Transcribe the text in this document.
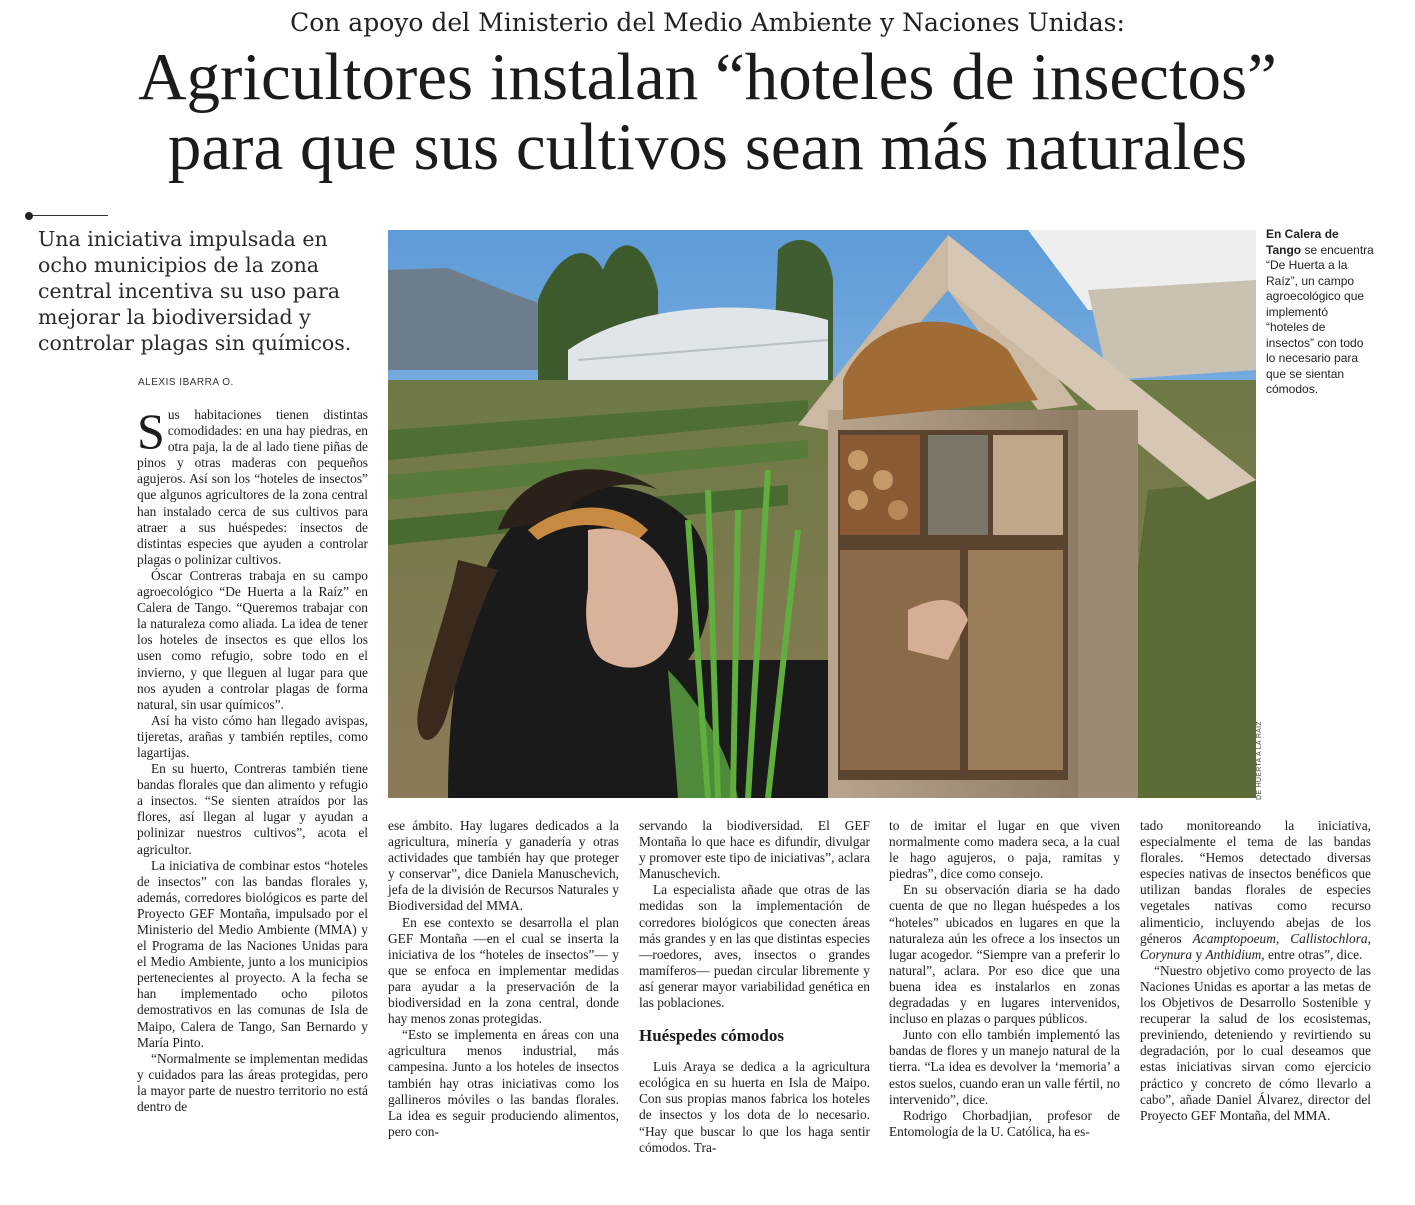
Con apoyo del Ministerio del Medio Ambiente y Naciones Unidas:
Agricultores instalan “hoteles de insectos”
para que sus cultivos sean más naturales
Una iniciativa impulsada en ocho municipios de la zona central incentiva su uso para mejorar la biodiversidad y controlar plagas sin químicos.
ALEXIS IBARRA O.
DE HUERTA A LA RAÍZ
En Calera de Tango se encuentra “De Huerta a la Raíz”, un campo agroecológico que implementó “hoteles de insectos” con todo lo necesario para que se sientan cómodos.

Sus habitaciones tienen distintas comodidades: en una hay piedras, en otra paja, la de al lado tiene piñas de pinos y otras maderas con pequeños agujeros. Así son los “hoteles de insectos” que algunos agricultores de la zona central han instalado cerca de sus cultivos para atraer a sus huéspedes: insectos de distintas especies que ayuden a controlar plagas o polinizar cultivos.

Óscar Contreras trabaja en su campo agroecológico “De Huerta a la Raíz” en Calera de Tango. “Queremos trabajar con la naturaleza como aliada. La idea de tener los hoteles de insectos es que ellos los usen como refugio, sobre todo en el invierno, y que lleguen al lugar para que nos ayuden a controlar plagas de forma natural, sin usar químicos”.

Así ha visto cómo han llegado avispas, tijeretas, arañas y también reptiles, como lagartijas.

En su huerto, Contreras también tiene bandas florales que dan alimento y refugio a insectos. “Se sienten atraídos por las flores, así llegan al lugar y ayudan a polinizar nuestros cultivos”, acota el agricultor.

La iniciativa de combinar estos “hoteles de insectos” con las bandas florales y, además, corredores biológicos es parte del Proyecto GEF Montaña, impulsado por el Ministerio del Medio Ambiente (MMA) y el Programa de las Naciones Unidas para el Medio Ambiente, junto a los municipios pertenecientes al proyecto. A la fecha se han implementado ocho pilotos demostrativos en las comunas de Isla de Maipo, Calera de Tango, San Bernardo y María Pinto.

“Normalmente se implementan medidas y cuidados para las áreas protegidas, pero la mayor parte de nuestro territorio no está dentro de

ese ámbito. Hay lugares dedicados a la agricultura, minería y ganadería y otras actividades que también hay que proteger y conservar”, dice Daniela Manuschevich, jefa de la división de Recursos Naturales y Biodiversidad del MMA.

En ese contexto se desarrolla el plan GEF Montaña —en el cual se inserta la iniciativa de los “hoteles de insectos”— y que se enfoca en implementar medidas para ayudar a la preservación de la biodiversidad en la zona central, donde hay menos zonas protegidas.

“Esto se implementa en áreas con una agricultura menos industrial, más campesina. Junto a los hoteles de insectos también hay otras iniciativas como los gallineros móviles o las bandas florales. La idea es seguir produciendo alimentos, pero con-

servando la biodiversidad. El GEF Montaña lo que hace es difundir, divulgar y promover este tipo de iniciativas”, aclara Manuschevich.

La especialista añade que otras de las medidas son la implementación de corredores biológicos que conecten áreas más grandes y en las que distintas especies —roedores, aves, insectos o grandes mamíferos— puedan circular libremente y así generar mayor variabilidad genética en las poblaciones.

Huéspedes cómodos

Luis Araya se dedica a la agricultura ecológica en su huerta en Isla de Maipo. Con sus propias manos fabrica los hoteles de insectos y los dota de lo necesario. “Hay que buscar lo que los haga sentir cómodos. Tra-

to de imitar el lugar en que viven normalmente como madera seca, a la cual le hago agujeros, o paja, ramitas y piedras”, dice como consejo.

En su observación diaria se ha dado cuenta de que no llegan huéspedes a los “hoteles” ubicados en lugares en que la naturaleza aún les ofrece a los insectos un lugar acogedor. “Siempre van a preferir lo natural”, aclara. Por eso dice que una buena idea es instalarlos en zonas degradadas y en lugares intervenidos, incluso en plazas o parques públicos.

Junto con ello también implementó las bandas de flores y un manejo natural de la tierra. “La idea es devolver la ‘memoria’ a estos suelos, cuando eran un valle fértil, no intervenido”, dice.

Rodrigo Chorbadjian, profesor de Entomología de la U. Católica, ha es-

tado monitoreando la iniciativa, especialmente el tema de las bandas florales. “Hemos detectado diversas especies nativas de insectos benéficos que utilizan bandas florales de especies vegetales nativas como recurso alimenticio, incluyendo abejas de los géneros Acamptopoeum, Callistochlora, Corynura y Anthidium, entre otras”, dice.

“Nuestro objetivo como proyecto de las Naciones Unidas es aportar a las metas de los Objetivos de Desarrollo Sostenible y recuperar la salud de los ecosistemas, previniendo, deteniendo y revirtiendo su degradación, por lo cual deseamos que estas iniciativas sirvan como ejercicio práctico y concreto de cómo llevarlo a cabo”, añade Daniel Álvarez, director del Proyecto GEF Montaña, del MMA.
